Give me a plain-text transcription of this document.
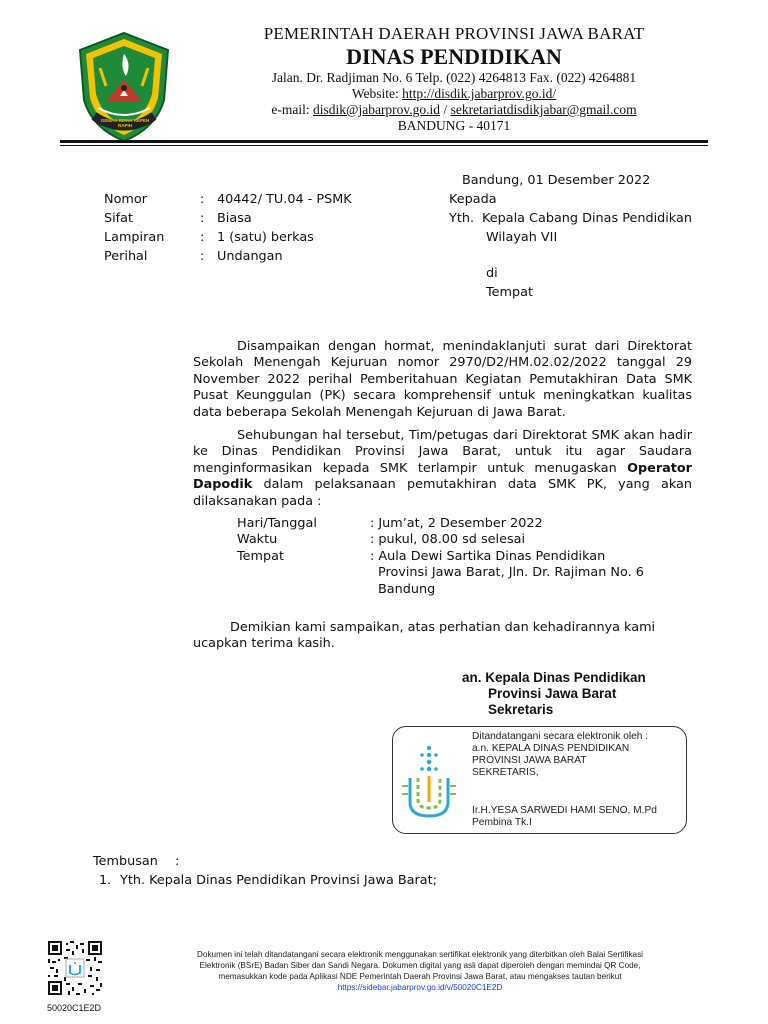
GEMAH RIPAH REPEH RAPIH
PEMERINTAH DAERAH PROVINSI JAWA BARAT
DINAS PENDIDIKAN
Jalan. Dr. Radjiman No. 6 Telp. (022) 4264813 Fax. (022) 4264881
Website: http://disdik.jabarprov.go.id/
e-mail: disdik@jabarprov.go.id / sekretariatdisdikjabar@gmail.com
BANDUNG - 40171
Bandung, 01 Desember 2022
Nomor	: 40442/ TU.04 - PSMK
Sifat	: Biasa
Lampiran	: 1 (satu) berkas
Perihal	: Undangan
Kepada
Yth. Kepala Cabang Dinas Pendidikan
Wilayah VII
di
Tempat
Disampaikan dengan hormat, menindaklanjuti surat dari Direktorat Sekolah Menengah Kejuruan nomor 2970/D2/HM.02.02/2022 tanggal 29 November 2022 perihal Pemberitahuan Kegiatan Pemutakhiran Data SMK Pusat Keunggulan (PK) secara komprehensif untuk meningkatkan kualitas data beberapa Sekolah Menengah Kejuruan di Jawa Barat.
Sehubungan hal tersebut, Tim/petugas dari Direktorat SMK akan hadir ke Dinas Pendidikan Provinsi Jawa Barat, untuk itu agar Saudara menginformasikan kepada SMK terlampir untuk menugaskan Operator Dapodik dalam pelaksanaan pemutakhiran data SMK PK, yang akan dilaksanakan pada :
Hari/Tanggal	: Jum’at, 2 Desember 2022
Waktu	: pukul, 08.00 sd selesai
Tempat	: Aula Dewi Sartika Dinas Pendidikan
Provinsi Jawa Barat, Jln. Dr. Rajiman No. 6
Bandung
Demikian kami sampaikan, atas perhatian dan kehadirannya kami ucapkan terima kasih.
an. Kepala Dinas Pendidikan
Provinsi Jawa Barat
Sekretaris
Ditandatangani secara elektronik oleh :
a.n. KEPALA DINAS PENDIDIKAN
PROVINSI JAWA BARAT
SEKRETARIS,
Ir.H.YESA SARWEDI HAMI SENO, M.Pd
Pembina Tk.I
Tembusan :
1. Yth. Kepala Dinas Pendidikan Provinsi Jawa Barat;
50020C1E2D
Dokumen ini telah ditandatangani secara elektronik menggunakan sertifikat elektronik yang diterbitkan oleh Balai Sertifikasi
Elektronik (BSrE) Badan Siber dan Sandi Negara. Dokumen digital yang asli dapat diperoleh dengan memindai QR Code,
memasukkan kode pada Aplikasi NDE Pemerintah Daerah Provinsi Jawa Barat, atau mengakses tautan berikut
https://sidebar.jabarprov.go.id/v/50020C1E2D
